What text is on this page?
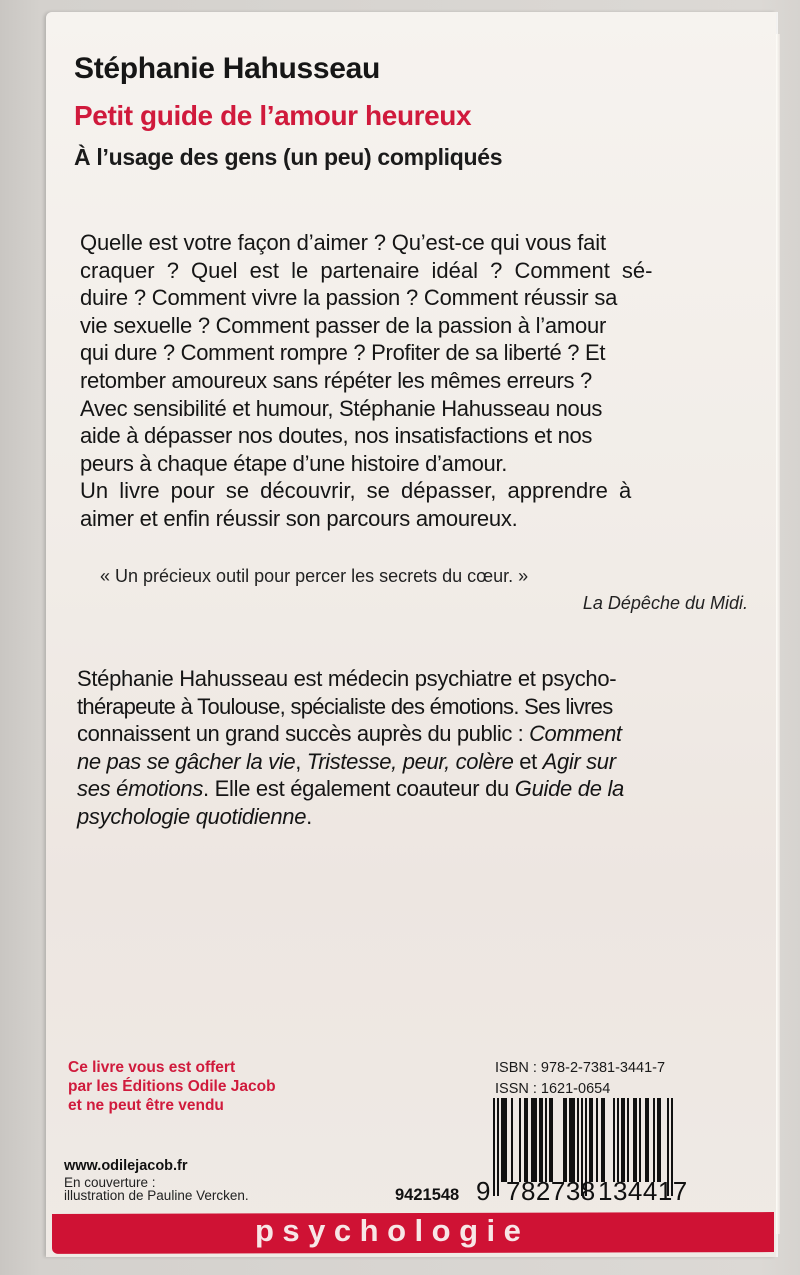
Stéphanie Hahusseau
Petit guide de l’amour heureux
À l’usage des gens (un peu) compliqués
Quelle est votre façon d’aimer ? Qu’est-ce qui vous fait
craquer ? Quel est le partenaire idéal ? Comment sé-
duire ? Comment vivre la passion ? Comment réussir sa
vie sexuelle ? Comment passer de la passion à l’amour
qui dure ? Comment rompre ? Profiter de sa liberté ? Et
retomber amoureux sans répéter les mêmes erreurs ?
Avec sensibilité et humour, Stéphanie Hahusseau nous
aide à dépasser nos doutes, nos insatisfactions et nos
peurs à chaque étape d’une histoire d’amour.
Un livre pour se découvrir, se dépasser, apprendre à
aimer et enfin réussir son parcours amoureux.
« Un précieux outil pour percer les secrets du cœur. »
La Dépêche du Midi.
Stéphanie Hahusseau est médecin psychiatre et psycho-
thérapeute à Toulouse, spécialiste des émotions. Ses livres
connaissent un grand succès auprès du public : Comment
ne pas se gâcher la vie, Tristesse, peur, colère et Agir sur
ses émotions. Elle est également coauteur du Guide de la
psychologie quotidienne.
Ce livre vous est offert
par les Éditions Odile Jacob
et ne peut être vendu
www.odilejacob.fr
En couverture :
illustration de Pauline Vercken.
ISBN : 978-2-7381-3441-7
ISSN : 1621-0654
9421548 9 782738 134417
psychologie
